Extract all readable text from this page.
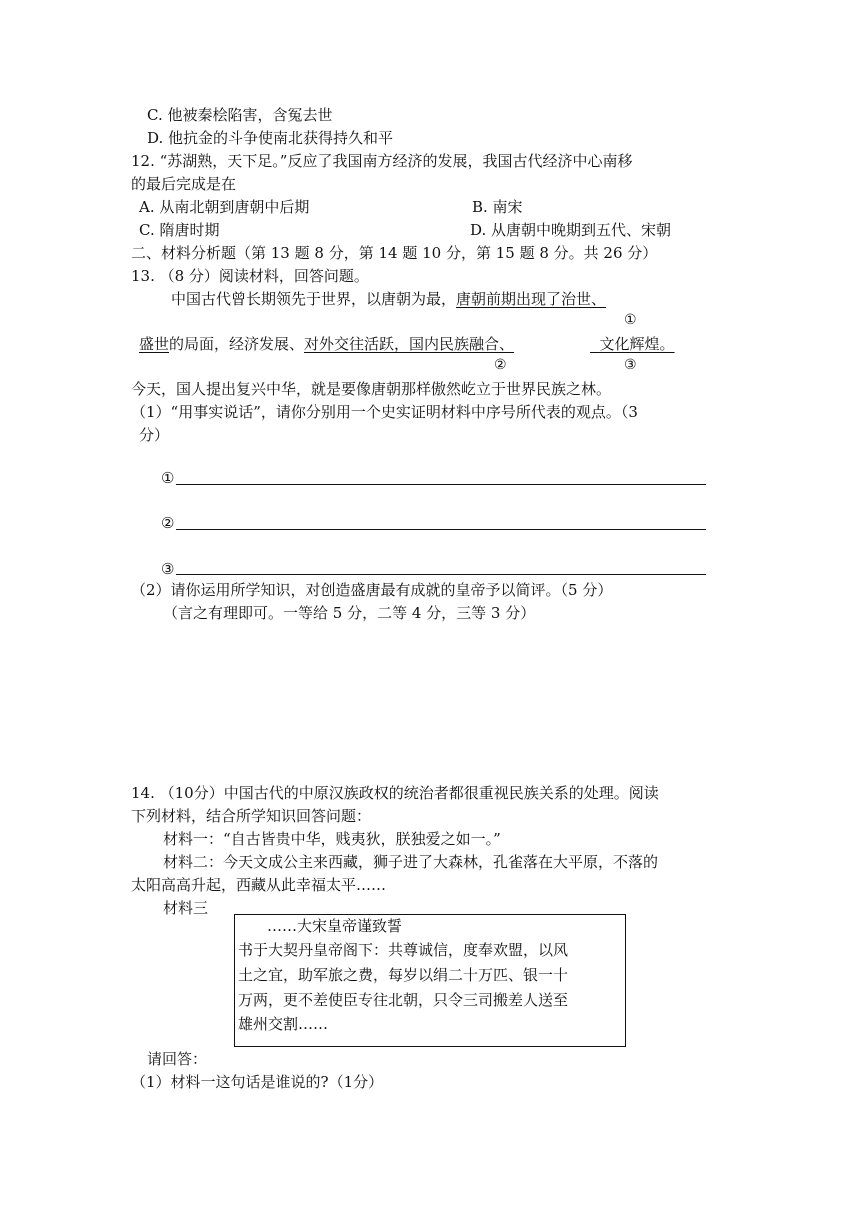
C. 他被秦桧陷害，含冤去世
D. 他抗金的斗争使南北获得持久和平
12. “苏湖熟，天下足。”反应了我国南方经济的发展，我国古代经济中心南移
的最后完成是在
A. 从南北朝到唐朝中后期	B. 南宋
C. 隋唐时期	D. 从唐朝中晚期到五代、宋朝
二、材料分析题（第 13 题 8 分，第 14 题 10 分，第 15 题 8 分。共 26 分）
13. （8 分）阅读材料，回答问题。
中国古代曾长期领先于世界，以唐朝为最，唐朝前期出现了治世、
①
盛世的局面，经济发展、对外交往活跃，国内民族融合、	文化辉煌。
②	③
今天，国人提出复兴中华，就是要像唐朝那样傲然屹立于世界民族之林。
（1）“用事实说话”，请你分别用一个史实证明材料中序号所代表的观点。（3
分）
①
②
③
（2）请你运用所学知识，对创造盛唐最有成就的皇帝予以简评。（5 分）
（言之有理即可。一等给 5 分，二等 4 分，三等 3 分）
14. （10分）中国古代的中原汉族政权的统治者都很重视民族关系的处理。阅读
下列材料，结合所学知识回答问题：
材料一：“自古皆贵中华，贱夷狄，朕独爱之如一。”
材料二：今天文成公主来西藏，狮子进了大森林，孔雀落在大平原，不落的
太阳高高升起，西藏从此幸福太平……
材料三
……大宋皇帝谨致誓
书于大契丹皇帝阁下：共尊诚信，度奉欢盟，以风
土之宜，助军旅之费，每岁以绢二十万匹、银一十
万两，更不差使臣专往北朝，只令三司搬差人送至
雄州交割……
请回答：
（1）材料一这句话是谁说的?（1分）
